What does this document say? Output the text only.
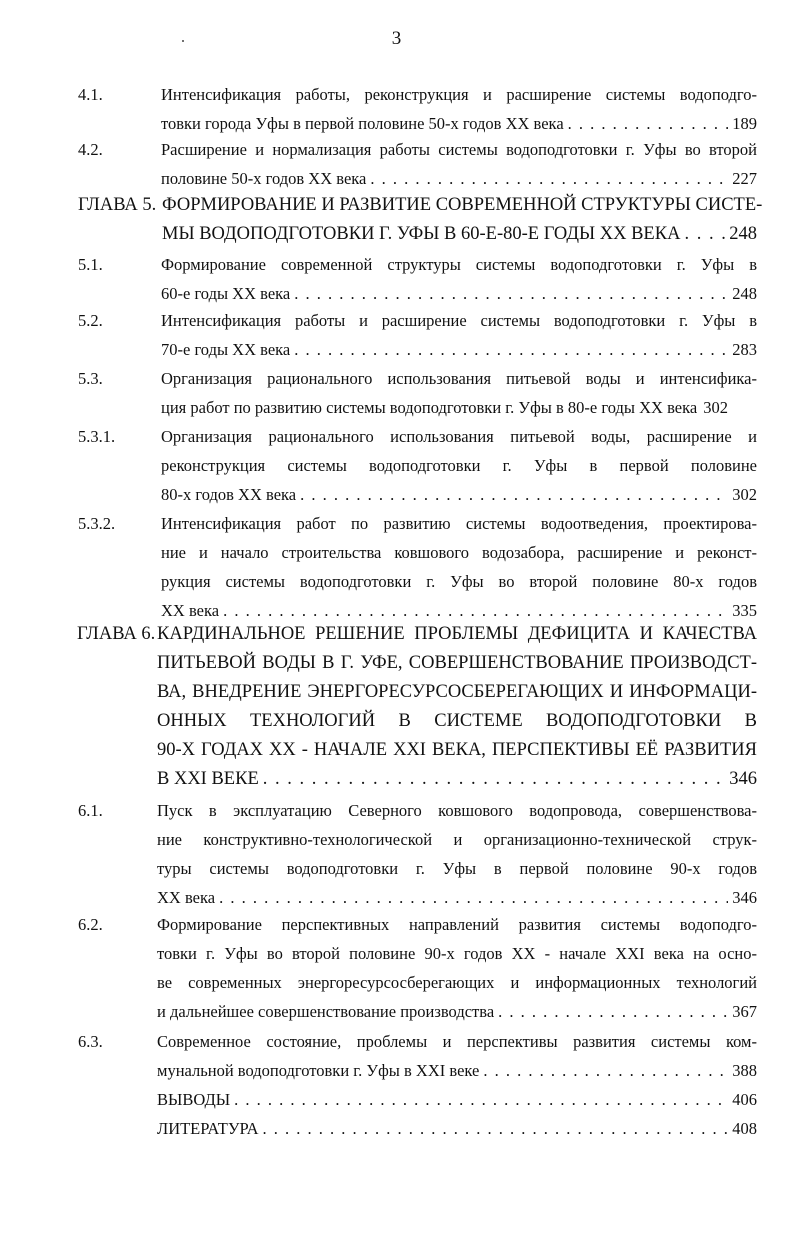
3
4.1.	Интенсификация работы, реконструкция и расширение системы водоподго-
товки города Уфы в первой половине 50-х годов XX века . . .	189
4.2.	Расширение и нормализация работы системы водоподготовки г. Уфы во второй
половине 50-х годов XX века . . .	227
ГЛАВА 5. ФОРМИРОВАНИЕ И РАЗВИТИЕ СОВРЕМЕННОЙ СТРУКТУРЫ СИСТЕ-
МЫ ВОДОПОДГОТОВКИ Г. УФЫ В 60-Е-80-Е ГОДЫ XX ВЕКА . . .	248
5.1.	Формирование современной структуры системы водоподготовки г. Уфы в
60-е годы XX века . . .	248
5.2.	Интенсификация работы и расширение системы водоподготовки г. Уфы в
70-е годы XX века . . .	283
5.3.	Организация рационального использования питьевой воды и интенсифика-
ция работ по развитию системы водоподготовки г. Уфы в 80-е годы XX века 302
5.3.1.	Организация рационального использования питьевой воды, расширение и
реконструкция системы водоподготовки г. Уфы в первой половине
80-х годов XX века . . .	302
5.3.2.	Интенсификация работ по развитию системы водоотведения, проектирова-
ние и начало строительства ковшового водозабора, расширение и реконст-
рукция системы водоподготовки г. Уфы во второй половине 80-х годов
XX века . . .	335
ГЛАВА 6. КАРДИНАЛЬНОЕ РЕШЕНИЕ ПРОБЛЕМЫ ДЕФИЦИТА И КАЧЕСТВА
ПИТЬЕВОЙ ВОДЫ В Г. УФЕ, СОВЕРШЕНСТВОВАНИЕ ПРОИЗВОДСТ-
ВА, ВНЕДРЕНИЕ ЭНЕРГОРЕСУРСОСБЕРЕГАЮЩИХ И ИНФОРМАЦИ-
ОННЫХ ТЕХНОЛОГИЙ В СИСТЕМЕ ВОДОПОДГОТОВКИ В
90-Х ГОДАХ XX - НАЧАЛЕ XXI ВЕКА, ПЕРСПЕКТИВЫ ЕЁ РАЗВИТИЯ
В XXI ВЕКЕ . . .	346
6.1.	Пуск в эксплуатацию Северного ковшового водопровода, совершенствова-
ние конструктивно-технологической и организационно-технической струк-
туры системы водоподготовки г. Уфы в первой половине 90-х годов
XX века . . .	346
6.2.	Формирование перспективных направлений развития системы водоподго-
товки г. Уфы во второй половине 90-х годов XX - начале XXI века на осно-
ве современных энергоресурсосберегающих и информационных технологий
и дальнейшее совершенствование производства . . .	367
6.3.	Современное состояние, проблемы и перспективы развития системы ком-
мунальной водоподготовки г. Уфы в XXI веке . . .	388
ВЫВОДЫ . . .	406
ЛИТЕРАТУРА . . .	408
